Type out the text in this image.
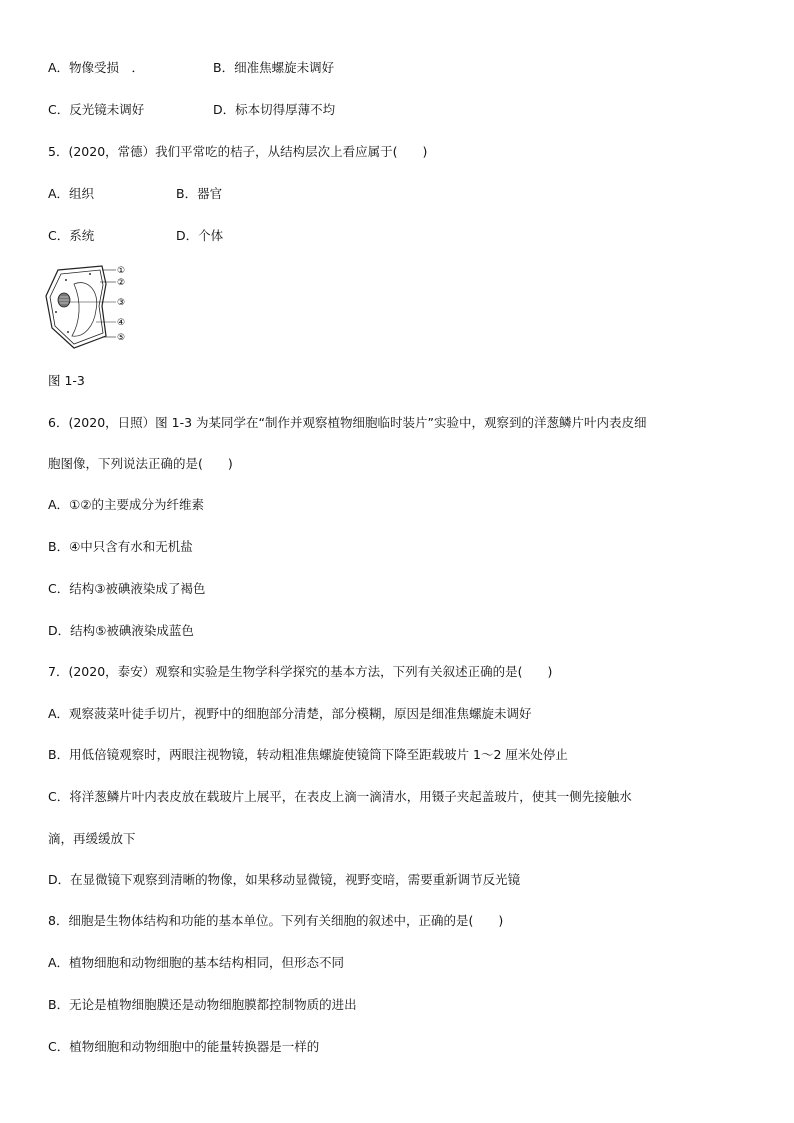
A．物像受损　．	B．细准焦螺旋未调好
C．反光镜未调好	D．标本切得厚薄不均
5．(2020，常德）我们平常吃的桔子，从结构层次上看应属于(　　)
A．组织	B．器官
C．系统	D．个体
①
②
③
④
⑤
图 1-3
6．(2020，日照）图 1-3 为某同学在“制作并观察植物细胞临时装片”实验中，观察到的洋葱鳞片叶内表皮细
胞图像，下列说法正确的是(　　)
A．①②的主要成分为纤维素
B．④中只含有水和无机盐
C．结构③被碘液染成了褐色
D．结构⑤被碘液染成蓝色
7．(2020，泰安）观察和实验是生物学科学探究的基本方法，下列有关叙述正确的是(　　)
A．观察菠菜叶徒手切片，视野中的细胞部分清楚，部分模糊，原因是细准焦螺旋未调好
B．用低倍镜观察时，两眼注视物镜，转动粗准焦螺旋使镜筒下降至距载玻片 1～2 厘米处停止
C．将洋葱鳞片叶内表皮放在载玻片上展平，在表皮上滴一滴清水，用镊子夹起盖玻片，使其一侧先接触水
滴，再缓缓放下
D．在显微镜下观察到清晰的物像，如果移动显微镜，视野变暗，需要重新调节反光镜
8．细胞是生物体结构和功能的基本单位。下列有关细胞的叙述中，正确的是(　　)
A．植物细胞和动物细胞的基本结构相同，但形态不同
B．无论是植物细胞膜还是动物细胞膜都控制物质的进出
C．植物细胞和动物细胞中的能量转换器是一样的
